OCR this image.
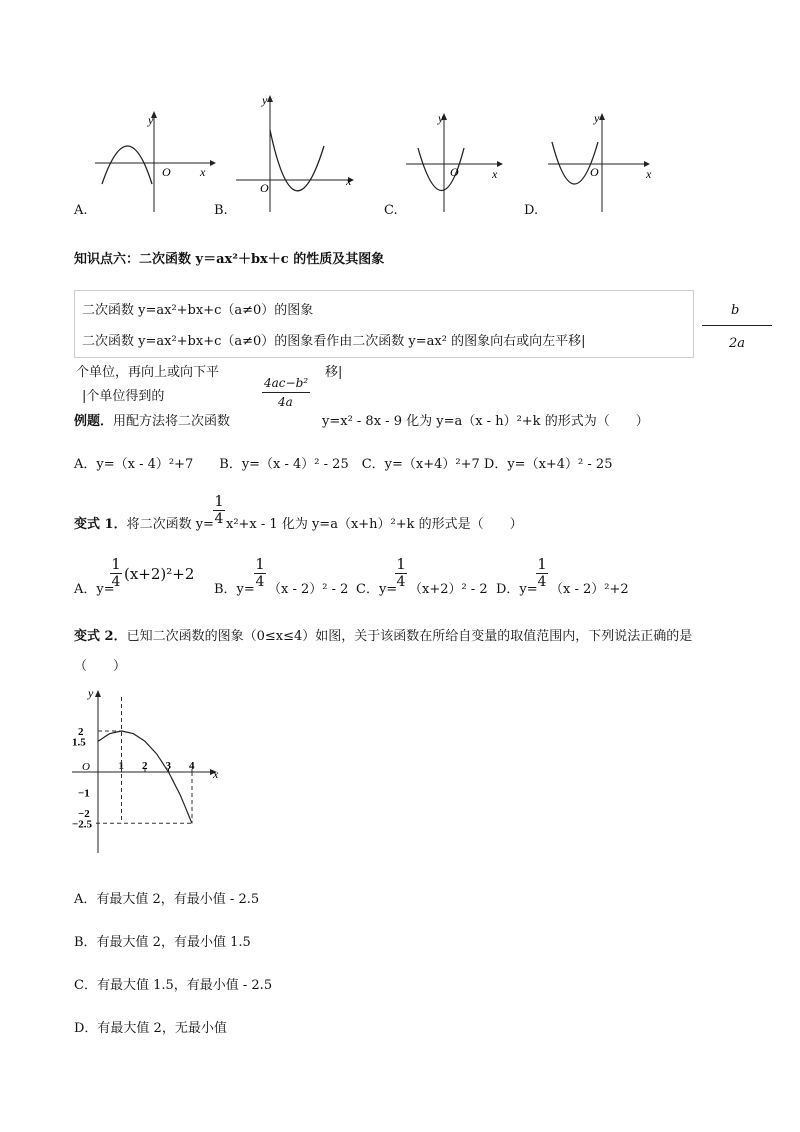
y
O x
A.
y
O	x
B.
y
O	x
C.
y
O	x
D.
知识点六：二次函数 y＝ax²＋bx＋c 的性质及其图象
二次函数 y=ax²+bx+c（a≠0）的图象
二次函数 y=ax²+bx+c（a≠0）的图象看作由二次函数 y=ax² 的图象向右或向左平移|
b
2a
个单位，再向上或向下平	移|
|个单位得到的
4ac−b²
4a
例题．用配方法将二次函数	y=x² - 8x - 9 化为 y=a（x - h）²+k 的形式为（　　）
A．y=（x - 4）²+7　　B．y=（x - 4）² - 25　C．y=（x+4）²+7 D．y=（x+4）² - 25
变式 1．将二次函数 y=
1
4 x²+x - 1 化为 y=a（x+h）²+k 的形式是（　　）
A．y=
1
4 (x+2)²+2
B．y=
1
4 （x - 2）² - 2 C．y=
1
4 （x+2）² - 2 D．y=
1
4 （x - 2）²+2
变式 2．已知二次函数的图象（0≤x≤4）如图，关于该函数在所给自变量的取值范围内，下列说法正确的是
（　　）
y
x
O	1 2 3 4
2
1.5
−1
−2
−2.5
A．有最大值 2，有最小值 - 2.5
B．有最大值 2，有最小值 1.5
C．有最大值 1.5，有最小值 - 2.5
D．有最大值 2，无最小值
